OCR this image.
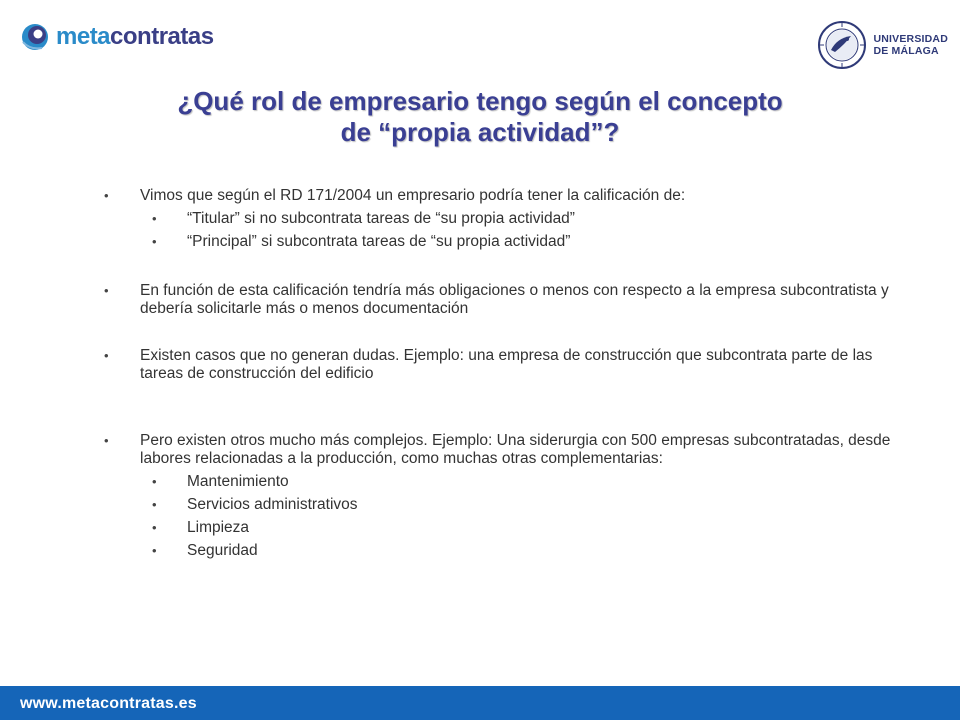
metacontratas	UNIVERSIDAD
DE MÁLAGA
¿Qué rol de empresario tengo según el concepto
de “propia actividad”?

• Vimos que según el RD 171/2004 un empresario podría tener la calificación de:

• “Titular” si no subcontrata tareas de “su propia actividad”

• “Principal” si subcontrata tareas de “su propia actividad”

• En función de esta calificación tendría más obligaciones o menos con respecto a la empresa subcontratista y debería solicitarle más o menos documentación

• Existen casos que no generan dudas. Ejemplo: una empresa de construcción que subcontrata parte de las tareas de construcción del edificio

• Pero existen otros mucho más complejos. Ejemplo: Una siderurgia con 500 empresas subcontratadas, desde labores relacionadas a la producción, como muchas otras complementarias:

• Mantenimiento

• Servicios administrativos

• Limpieza

• Seguridad

www.metacontratas.es
